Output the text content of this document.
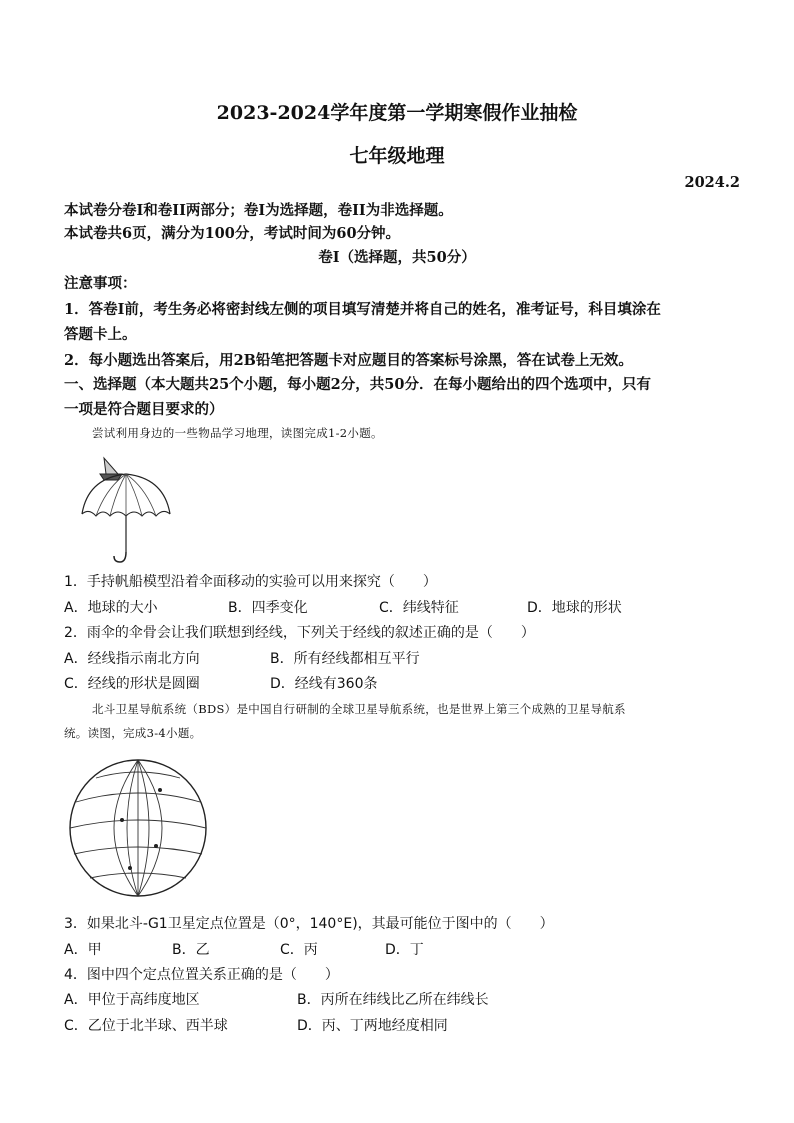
2023-2024学年度第一学期寒假作业抽检
七年级地理
2024.2
本试卷分卷I和卷II两部分；卷I为选择题，卷II为非选择题。
本试卷共6页，满分为100分，考试时间为60分钟。
卷I（选择题，共50分）
注意事项：
1．答卷I前，考生务必将密封线左侧的项目填写清楚并将自己的姓名，准考证号，科目填涂在
答题卡上。
2．每小题选出答案后，用2B铅笔把答题卡对应题目的答案标号涂黑，答在试卷上无效。
一、选择题（本大题共25个小题，每小题2分，共50分．在每小题给出的四个选项中，只有
一项是符合题目要求的）
尝试利用身边的一些物品学习地理，读图完成1-2小题。
1．手持帆船模型沿着伞面移动的实验可以用来探究（　　）
A．地球的大小	B．四季变化	C．纬线特征	D．地球的形状
2．雨伞的伞骨会让我们联想到经线，下列关于经线的叙述正确的是（　　）
A．经线指示南北方向	B．所有经线都相互平行
C．经线的形状是圆圈	D．经线有360条
北斗卫星导航系统（BDS）是中国自行研制的全球卫星导航系统，也是世界上第三个成熟的卫星导航系
统。读图，完成3-4小题。
3．如果北斗-G1卫星定点位置是（0°，140°E)，其最可能位于图中的（　　）
A．甲	B．乙	C．丙	D．丁
4．图中四个定点位置关系正确的是（　　）
A．甲位于高纬度地区	B．丙所在纬线比乙所在纬线长
C．乙位于北半球、西半球	D．丙、丁两地经度相同
